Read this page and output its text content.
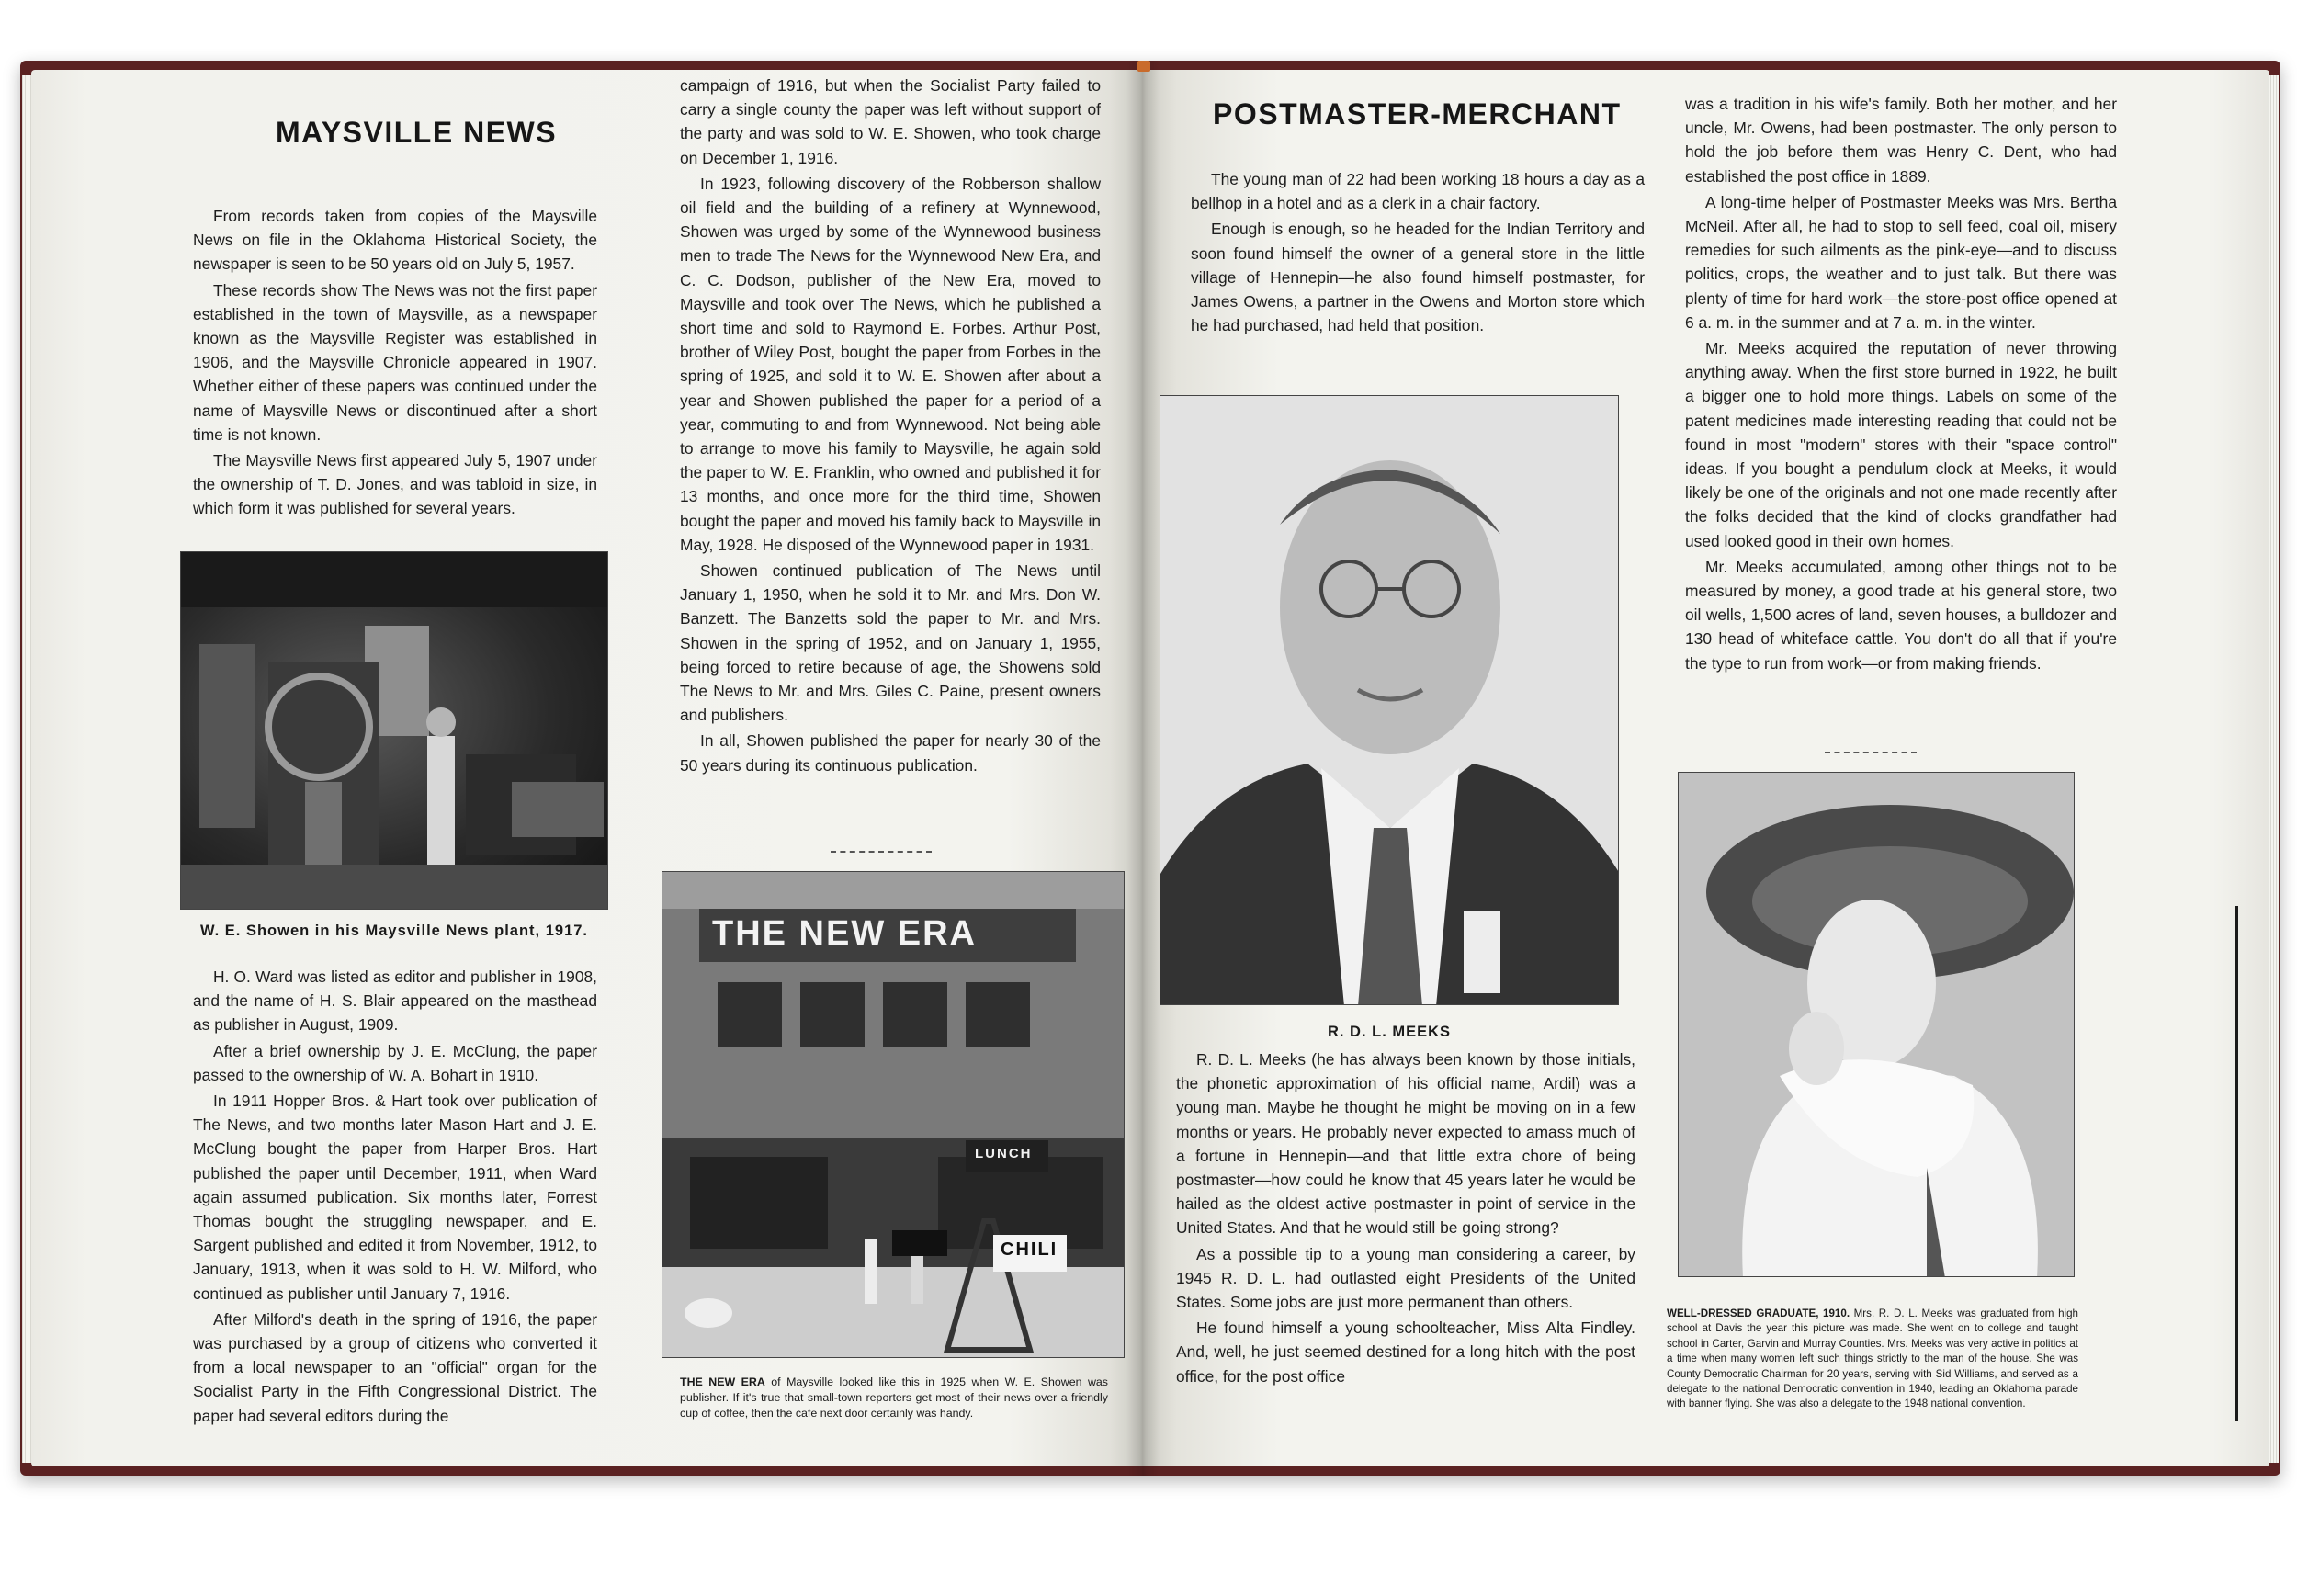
MAYSVILLE NEWS

From records taken from copies of the Maysville News on file in the Oklahoma Historical Society, the newspaper is seen to be 50 years old on July 5, 1957.

These records show The News was not the first paper established in the town of Maysville, as a newspaper known as the Maysville Register was established in 1906, and the Maysville Chronicle appeared in 1907. Whether either of these papers was continued under the name of Maysville News or discontinued after a short time is not known.

The Maysville News first appeared July 5, 1907 under the ownership of T. D. Jones, and was tabloid in size, in which form it was published for several years.

W. E. Showen in his Maysville News plant, 1917.

H. O. Ward was listed as editor and publisher in 1908, and the name of H. S. Blair appeared on the masthead as publisher in August, 1909.

After a brief ownership by J. E. McClung, the paper passed to the ownership of W. A. Bohart in 1910.

In 1911 Hopper Bros. & Hart took over publication of The News, and two months later Mason Hart and J. E. McClung bought the paper from Harper Bros. Hart published the paper until December, 1911, when Ward again assumed publication. Six months later, Forrest Thomas bought the struggling newspaper, and E. Sargent published and edited it from November, 1912, to January, 1913, when it was sold to H. W. Milford, who continued as publisher until January 7, 1916.

After Milford's death in the spring of 1916, the paper was purchased by a group of citizens who converted it from a local newspaper to an "official" organ for the Socialist Party in the Fifth Congressional District. The paper had several editors during the

campaign of 1916, but when the Socialist Party failed to carry a single county the paper was left without support of the party and was sold to W. E. Showen, who took charge on December 1, 1916.

In 1923, following discovery of the Robberson shallow oil field and the building of a refinery at Wynnewood, Showen was urged by some of the Wynnewood business men to trade The News for the Wynnewood New Era, and C. C. Dodson, publisher of the New Era, moved to Maysville and took over The News, which he published a short time and sold to Raymond E. Forbes. Arthur Post, brother of Wiley Post, bought the paper from Forbes in the spring of 1925, and sold it to W. E. Showen after about a year and Showen published the paper for a period of a year, commuting to and from Wynnewood. Not being able to arrange to move his family to Maysville, he again sold the paper to W. E. Franklin, who owned and published it for 13 months, and once more for the third time, Showen bought the paper and moved his family back to Maysville in May, 1928. He disposed of the Wynnewood paper in 1931.

Showen continued publication of The News until January 1, 1950, when he sold it to Mr. and Mrs. Don W. Banzett. The Banzetts sold the paper to Mr. and Mrs. Showen in the spring of 1952, and on January 1, 1955, being forced to retire because of age, the Showens sold The News to Mr. and Mrs. Giles C. Paine, present owners and publishers.

In all, Showen published the paper for nearly 30 of the 50 years during its continuous publication.

THE NEW ERA
LUNCH
CHILI
THE NEW ERA of Maysville looked like this in 1925 when W. E. Showen was publisher. If it's true that small-town reporters get most of their news over a friendly cup of coffee, then the cafe next door certainly was handy.
POSTMASTER-MERCHANT

The young man of 22 had been working 18 hours a day as a bellhop in a hotel and as a clerk in a chair factory.

Enough is enough, so he headed for the Indian Territory and soon found himself the owner of a general store in the little village of Hennepin—he also found himself postmaster, for James Owens, a partner in the Owens and Morton store which he had purchased, had held that position.

R. D. L. MEEKS

R. D. L. Meeks (he has always been known by those initials, the phonetic approximation of his official name, Ardil) was a young man. Maybe he thought he might be moving on in a few months or years. He probably never expected to amass much of a fortune in Hennepin—and that little extra chore of being postmaster—how could he know that 45 years later he would be hailed as the oldest active postmaster in point of service in the United States. And that he would still be going strong?

As a possible tip to a young man considering a career, by 1945 R. D. L. had outlasted eight Presidents of the United States. Some jobs are just more permanent than others.

He found himself a young schoolteacher, Miss Alta Findley. And, well, he just seemed destined for a long hitch with the post office, for the post office

was a tradition in his wife's family. Both her mother, and her uncle, Mr. Owens, had been postmaster. The only person to hold the job before them was Henry C. Dent, who had established the post office in 1889.

A long-time helper of Postmaster Meeks was Mrs. Bertha McNeil. After all, he had to stop to sell feed, coal oil, misery remedies for such ailments as the pink-eye—and to discuss politics, crops, the weather and to just talk. But there was plenty of time for hard work—the store-post office opened at 6 a. m. in the summer and at 7 a. m. in the winter.

Mr. Meeks acquired the reputation of never throwing anything away. When the first store burned in 1922, he built a bigger one to hold more things. Labels on some of the patent medicines made interesting reading that could not be found in most "modern" stores with their "space control" ideas. If you bought a pendulum clock at Meeks, it would likely be one of the originals and not one made recently after the folks decided that the kind of clocks grandfather had used looked good in their own homes.

Mr. Meeks accumulated, among other things not to be measured by money, a good trade at his general store, two oil wells, 1,500 acres of land, seven houses, a bulldozer and 130 head of whiteface cattle. You don't do all that if you're the type to run from work—or from making friends.

WELL-DRESSED GRADUATE, 1910. Mrs. R. D. L. Meeks was graduated from high school at Davis the year this picture was made. She went on to college and taught school in Carter, Garvin and Murray Counties. Mrs. Meeks was very active in politics at a time when many women left such things strictly to the man of the house. She was County Democratic Chairman for 20 years, serving with Sid Williams, and served as a delegate to the national Democratic convention in 1940, leading an Oklahoma parade with banner flying. She was also a delegate to the 1948 national convention.
